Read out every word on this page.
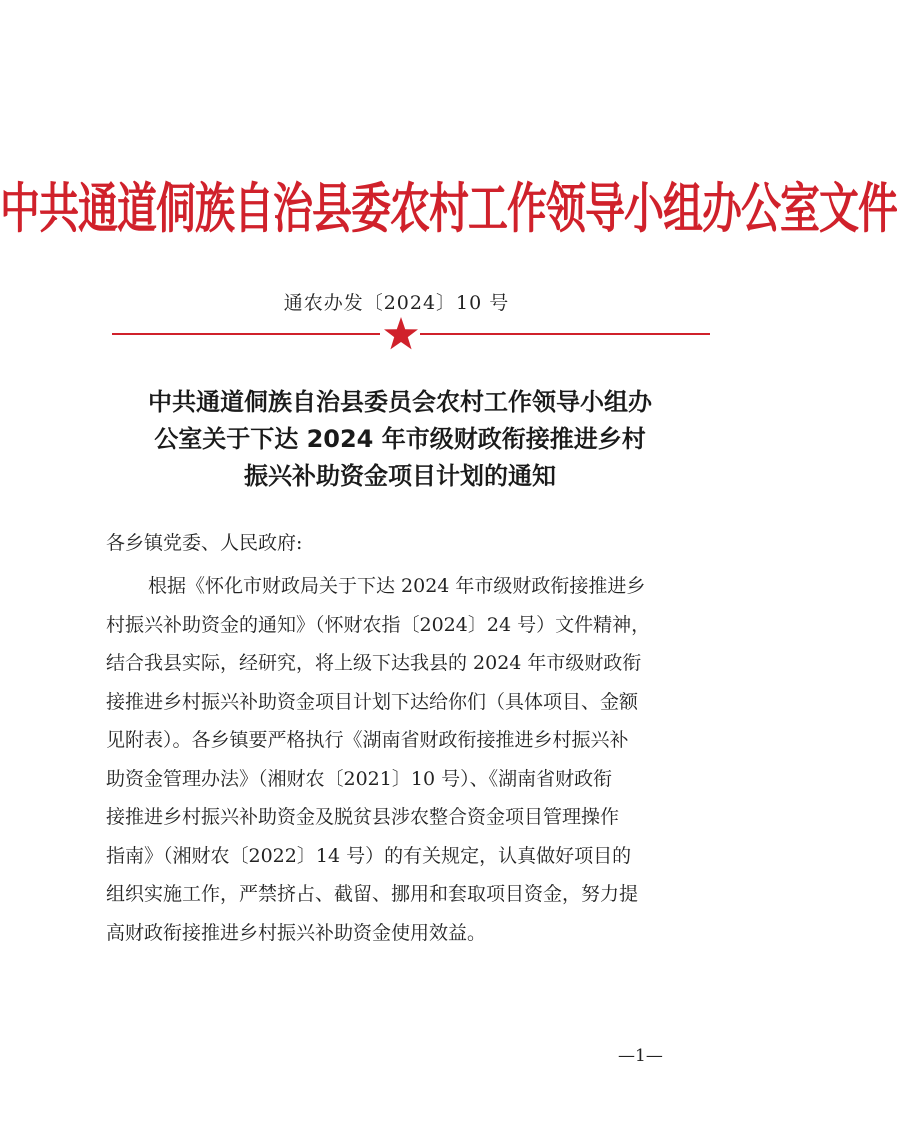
中共通道侗族自治县委农村工作领导小组办公室文件
通农办发〔2024〕10 号
中共通道侗族自治县委员会农村工作领导小组办
公室关于下达 2024 年市级财政衔接推进乡村
振兴补助资金项目计划的通知
各乡镇党委、人民政府:
根据《怀化市财政局关于下达 2024 年市级财政衔接推进乡
村振兴补助资金的通知》（怀财农指〔2024〕24 号）文件精神，
结合我县实际，经研究，将上级下达我县的 2024 年市级财政衔
接推进乡村振兴补助资金项目计划下达给你们（具体项目、金额
见附表）。各乡镇要严格执行《湖南省财政衔接推进乡村振兴补
助资金管理办法》（湘财农〔2021〕10 号）、《湖南省财政衔
接推进乡村振兴补助资金及脱贫县涉农整合资金项目管理操作
指南》（湘财农〔2022〕14 号）的有关规定，认真做好项目的
组织实施工作，严禁挤占、截留、挪用和套取项目资金，努力提
高财政衔接推进乡村振兴补助资金使用效益。
—1—
